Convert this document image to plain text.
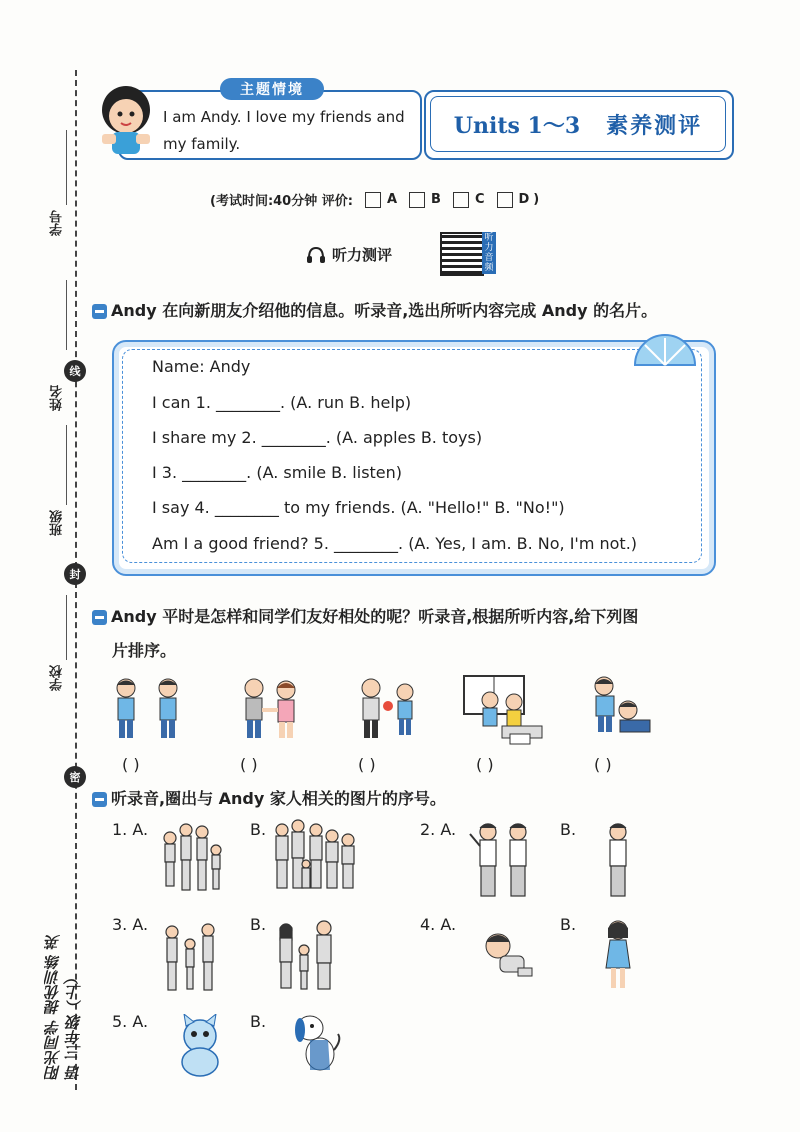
学号
线
姓名
班级
封
学校
密
阳光同学 提优训练 英语 三年级（上）
主题情境
I am Andy. I love my friends and my family.
Units 1～3 素养测评
(考试时间:40分钟 评价:	A	B	C	D )
听力测评
听力音频
Andy 在向新朋友介绍他的信息。听录音,选出所听内容完成 Andy 的名片。
Name: Andy
I can 1. ________. (A. run B. help)
I share my 2. ________. (A. apples B. toys)
I 3. ________. (A. smile B. listen)
I say 4. ________ to my friends. (A. "Hello!" B. "No!")
Am I a good friend? 5. ________. (A. Yes, I am. B. No, I'm not.)
Andy 平时是怎样和同学们友好相处的呢？听录音,根据所听内容,给下列图
片排序。
( )	( )	( )	( )	( )
听录音,圈出与 Andy 家人相关的图片的序号。
1. A.	B.	2. A.	B.
3. A.	B.	4. A.	B.
5. A.	B.
